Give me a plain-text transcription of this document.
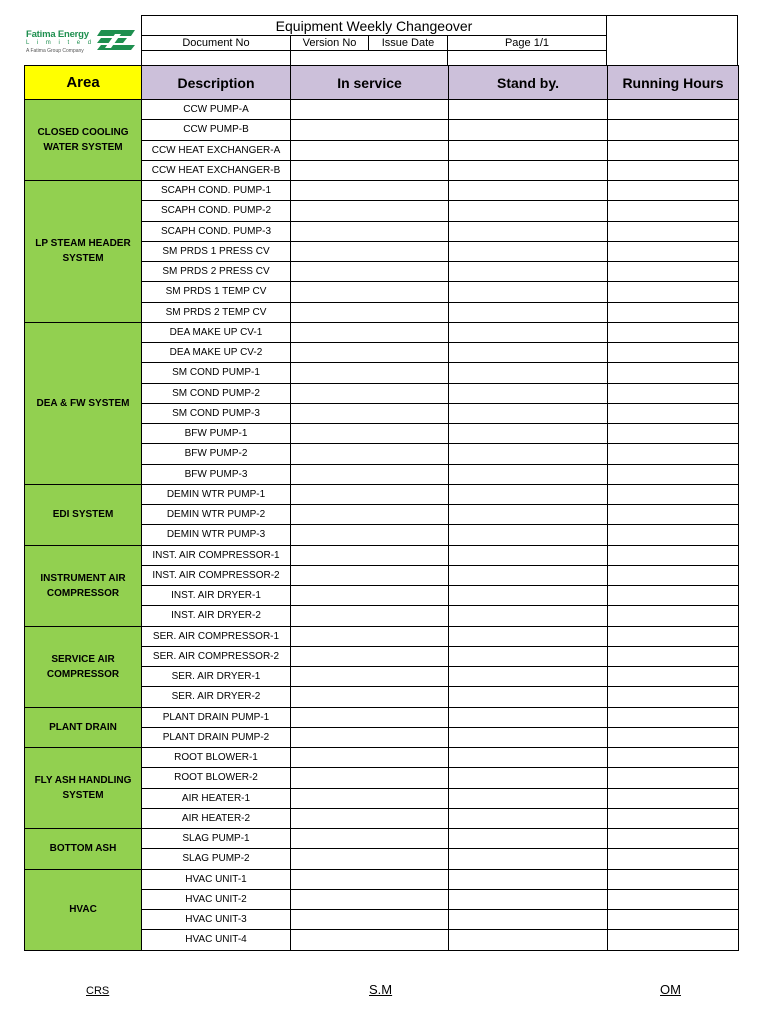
Fatima Energy
L i m i t e d
A Fatima Group Company
Equipment Weekly Changeover
Document No	Version No	Issue Date	Page 1/1
Area	Description	In service	Stand by.	Running Hours
CLOSED COOLING WATER SYSTEM	CCW PUMP-A			
	CCW PUMP-B			
	CCW HEAT EXCHANGER-A			
	CCW HEAT EXCHANGER-B			
LP STEAM HEADER SYSTEM	SCAPH COND. PUMP-1			
	SCAPH COND. PUMP-2			
	SCAPH COND. PUMP-3			
	SM PRDS 1 PRESS CV			
	SM PRDS 2 PRESS CV			
	SM PRDS 1 TEMP CV			
	SM PRDS 2 TEMP CV			
DEA & FW SYSTEM	DEA MAKE UP CV-1			
	DEA MAKE UP CV-2			
	SM COND PUMP-1			
	SM COND PUMP-2			
	SM COND PUMP-3			
	BFW PUMP-1			
	BFW PUMP-2			
	BFW PUMP-3			
EDI SYSTEM	DEMIN WTR PUMP-1			
	DEMIN WTR PUMP-2			
	DEMIN WTR PUMP-3			
INSTRUMENT AIR COMPRESSOR	INST. AIR COMPRESSOR-1			
	INST. AIR COMPRESSOR-2			
	INST. AIR DRYER-1			
	INST. AIR DRYER-2			
SERVICE AIR COMPRESSOR	SER. AIR COMPRESSOR-1			
	SER. AIR COMPRESSOR-2			
	SER. AIR DRYER-1			
	SER. AIR DRYER-2			
PLANT DRAIN	PLANT DRAIN PUMP-1			
	PLANT DRAIN PUMP-2			
FLY ASH HANDLING SYSTEM	ROOT BLOWER-1			
	ROOT BLOWER-2			
	AIR HEATER-1			
	AIR HEATER-2			
BOTTOM ASH	SLAG PUMP-1			
	SLAG PUMP-2			
HVAC	HVAC UNIT-1			
	HVAC UNIT-2			
	HVAC UNIT-3			
	HVAC UNIT-4			
CRS	S.M	OM
